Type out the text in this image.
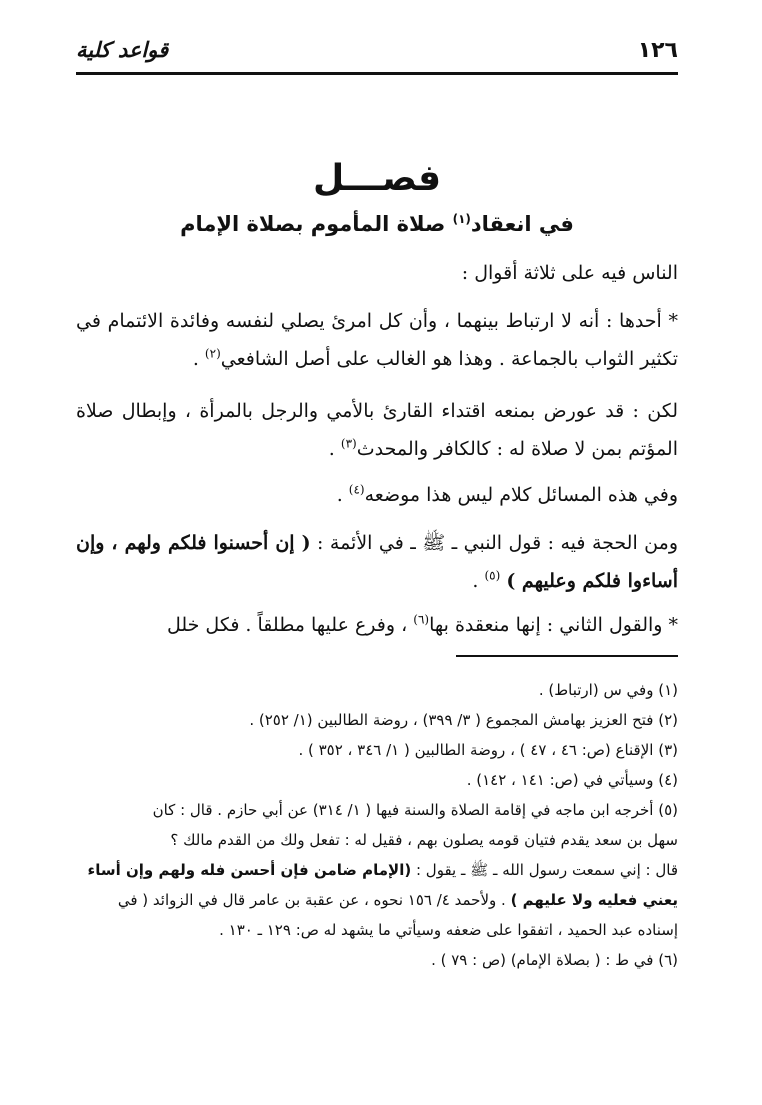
قواعد كلية	١٢٦
فصـــل
في انعقاد$^{(١)}$ صلاة المأموم بصلاة الإمام

الناس فيه على ثلاثة أقوال :

* أحدها : أنه لا ارتباط بينهما ، وأن كل امرئ يصلي لنفسه وفائدة الائتمام في تكثير الثواب بالجماعة . وهذا هو الغالب على أصل الشافعي$^{(٢)}$ .

لكن : قد عورض بمنعه اقتداء القارئ بالأمي والرجل بالمرأة ، وإبطال صلاة المؤتم بمن لا صلاة له : كالكافر والمحدث$^{(٣)}$ .

وفي هذه المسائل كلام ليس هذا موضعه$^{(٤)}$ .

ومن الحجة فيه : قول النبي ـ ﷺ ـ في الأئمة : ( إن أحسنوا فلكم ولهم ، وإن أساءوا فلكم وعليهم ) $^{(٥)}$ .

* والقول الثاني : إنها منعقدة بها$^{(٦)}$ ، وفرع عليها مطلقاً . فكل خلل

(١) وفي س (ارتباط) .

(٢) فتح العزيز بهامش المجموع ( ٣/ ٣٩٩) ، روضة الطالبين (١/ ٢٥٢) .

(٣) الإقناع (ص: ٤٦ ، ٤٧ ) ، روضة الطالبين ( ١/ ٣٤٦ ، ٣٥٢ ) .

(٤) وسيأتي في (ص: ١٤١ ، ١٤٢) .

(٥) أخرجه ابن ماجه في إقامة الصلاة والسنة فيها ( ١/ ٣١٤) عن أبي حازم . قال : كان

سهل بن سعد يقدم فتيان قومه يصلون بهم ، فقيل له : تفعل ولك من القدم مالك ؟

قال : إني سمعت رسول الله ـ ﷺ ـ يقول : (الإمام ضامن فإن أحسن فله ولهم وإن أساء

يعني فعليه ولا عليهم ) . ولأحمد ٤/ ١٥٦ نحوه ، عن عقبة بن عامر قال في الزوائد ( في

إسناده عبد الحميد ، اتفقوا على ضعفه وسيأتي ما يشهد له ص: ١٢٩ ـ ١٣٠ .

(٦) في ط : ( بصلاة الإمام) (ص : ٧٩ ) .
